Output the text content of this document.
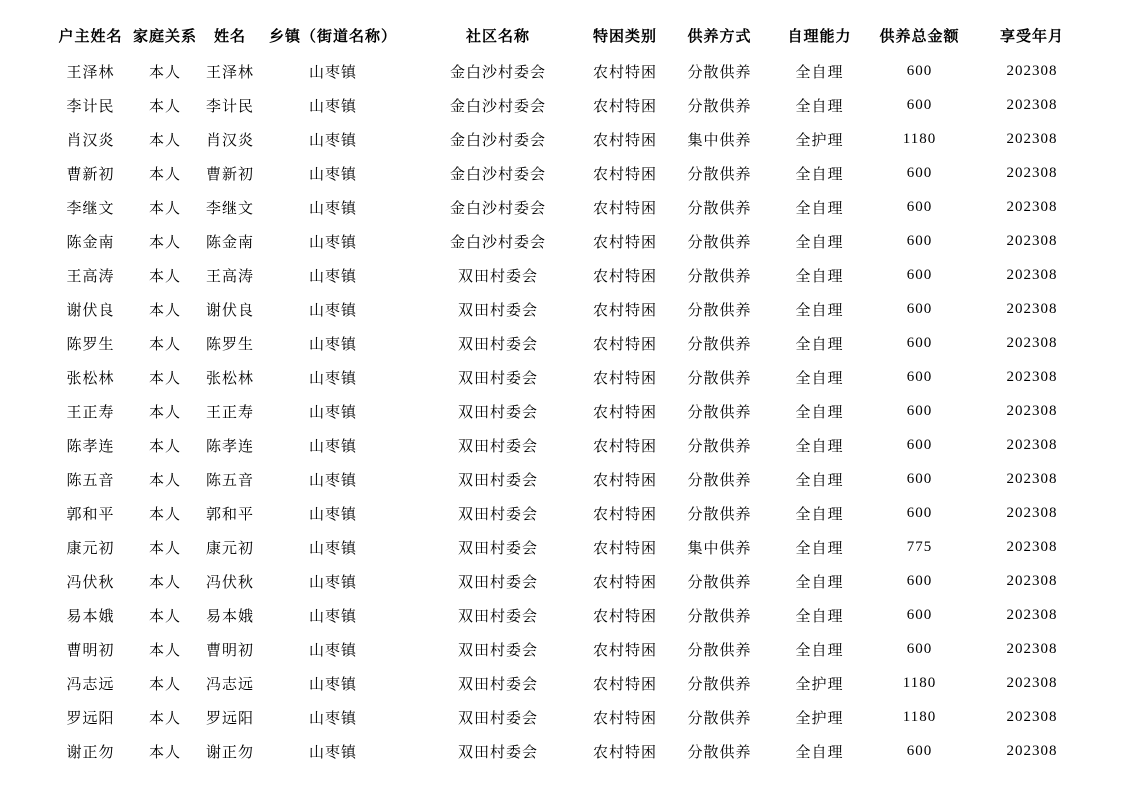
户主姓名	家庭关系	姓名	乡镇（街道名称）	社区名称	特困类别	供养方式	自理能力	供养总金额	享受年月
王泽林	本人	王泽林	山枣镇	金白沙村委会	农村特困	分散供养	全自理	600	202308
李计民	本人	李计民	山枣镇	金白沙村委会	农村特困	分散供养	全自理	600	202308
肖汉炎	本人	肖汉炎	山枣镇	金白沙村委会	农村特困	集中供养	全护理	1180	202308
曹新初	本人	曹新初	山枣镇	金白沙村委会	农村特困	分散供养	全自理	600	202308
李继文	本人	李继文	山枣镇	金白沙村委会	农村特困	分散供养	全自理	600	202308
陈金南	本人	陈金南	山枣镇	金白沙村委会	农村特困	分散供养	全自理	600	202308
王高涛	本人	王高涛	山枣镇	双田村委会	农村特困	分散供养	全自理	600	202308
谢伏良	本人	谢伏良	山枣镇	双田村委会	农村特困	分散供养	全自理	600	202308
陈罗生	本人	陈罗生	山枣镇	双田村委会	农村特困	分散供养	全自理	600	202308
张松林	本人	张松林	山枣镇	双田村委会	农村特困	分散供养	全自理	600	202308
王正寿	本人	王正寿	山枣镇	双田村委会	农村特困	分散供养	全自理	600	202308
陈孝连	本人	陈孝连	山枣镇	双田村委会	农村特困	分散供养	全自理	600	202308
陈五音	本人	陈五音	山枣镇	双田村委会	农村特困	分散供养	全自理	600	202308
郭和平	本人	郭和平	山枣镇	双田村委会	农村特困	分散供养	全自理	600	202308
康元初	本人	康元初	山枣镇	双田村委会	农村特困	集中供养	全自理	775	202308
冯伏秋	本人	冯伏秋	山枣镇	双田村委会	农村特困	分散供养	全自理	600	202308
易本娥	本人	易本娥	山枣镇	双田村委会	农村特困	分散供养	全自理	600	202308
曹明初	本人	曹明初	山枣镇	双田村委会	农村特困	分散供养	全自理	600	202308
冯志远	本人	冯志远	山枣镇	双田村委会	农村特困	分散供养	全护理	1180	202308
罗远阳	本人	罗远阳	山枣镇	双田村委会	农村特困	分散供养	全护理	1180	202308
谢正勿	本人	谢正勿	山枣镇	双田村委会	农村特困	分散供养	全自理	600	202308
